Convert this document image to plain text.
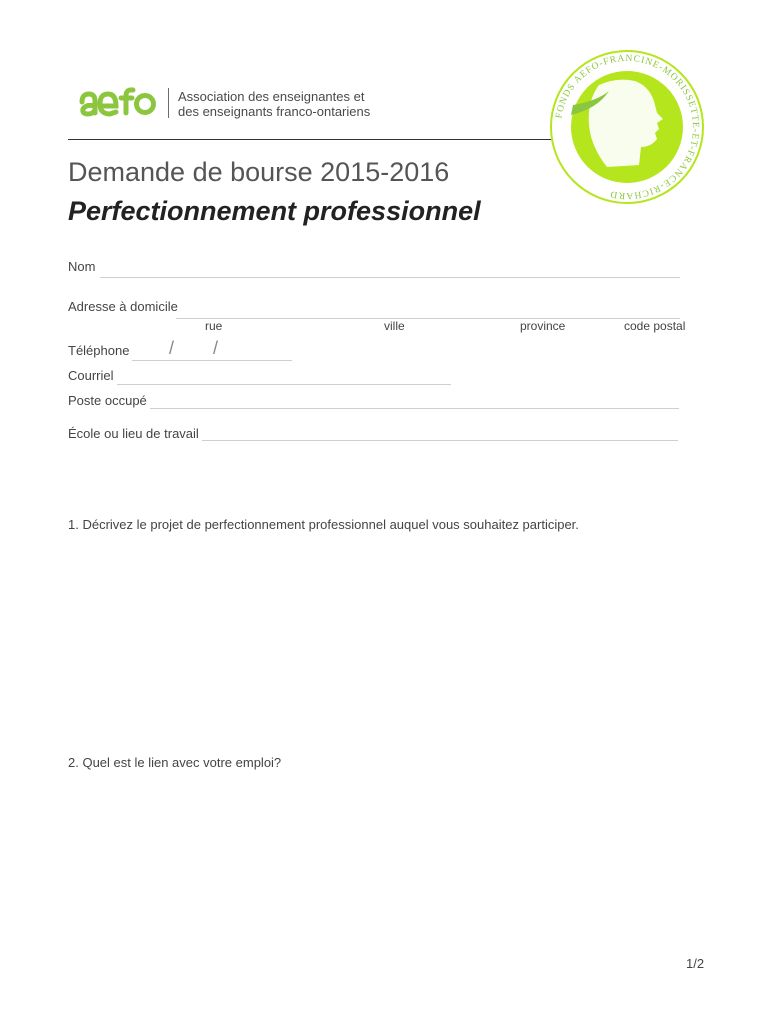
Association des enseignantes et
des enseignants franco-ontariens	FONDS AEFO-FRANCINE-MORISSETTE-ET-FRANCE-RICHARD
Demande de bourse 2015-2016
Perfectionnement professionnel
Nom
Adresse à domicile
rue	ville	province	code postal
Téléphone / /
Courriel
Poste occupé
École ou lieu de travail
1. Décrivez le projet de perfectionnement professionnel auquel vous souhaitez participer.
2. Quel est le lien avec votre emploi?
1/2
